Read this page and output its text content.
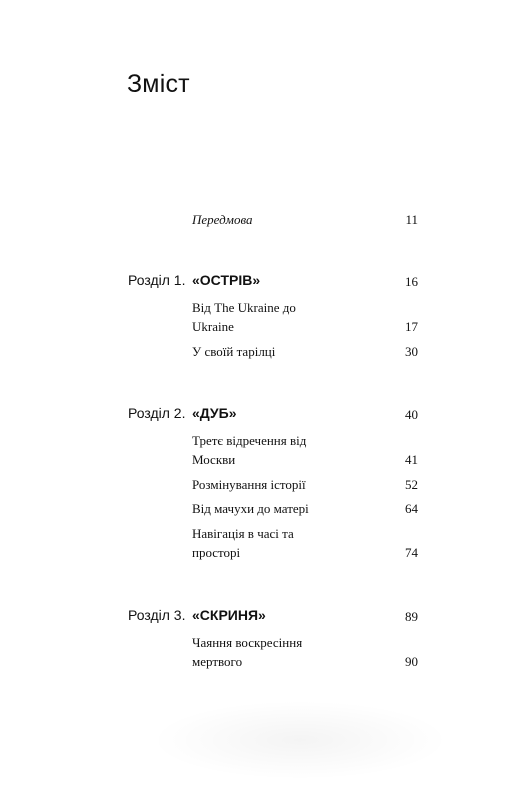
Зміст
Передмова	11
Розділ 1. «ОСТРІВ»	16
Від The Ukraine до Ukraine	17
У своїй тарілці	30
Розділ 2. «ДУБ»	40
Третє відречення від Москви	41
Розмінування історії	52
Від мачухи до матері	64
Навігація в часі та просторі	74
Розділ 3. «СКРИНЯ»	89
Чаяння воскресіння мертвого	90
